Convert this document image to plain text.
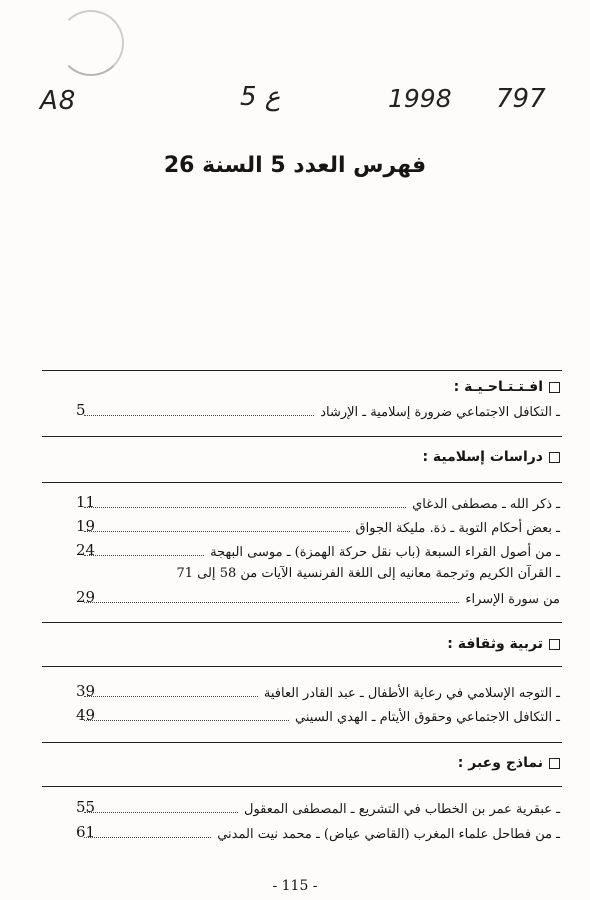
A8	ع 5	1998 797
فهرس العدد 5 السنة 26
افـتـتـاحـيـة :
ـ التكافل الاجتماعي ضرورة إسلامية ـ الإرشاد
5
دراسات إسلامية :
ـ ذكر الله ـ مصطفى الدغاي
11
ـ بعض أحكام التوبة ـ ذة. مليكة الجواق
19
ـ من أصول القراء السبعة (باب نقل حركة الهمزة) ـ موسى البهجة
24
ـ القرآن الكريم وترجمة معانيه إلى اللغة الفرنسية الآيات من 58 إلى 71
من سورة الإسراء
29
تربية وثقافة :
ـ التوجه الإسلامي في رعاية الأطفال ـ عبد القادر العافية
39
ـ التكافل الاجتماعي وحقوق الأيتام ـ الهدي السيني
49
نماذج وعبر :
ـ عبقرية عمر بن الخطاب في التشريع ـ المصطفى المعقول
55
ـ من فطاحل علماء المغرب (القاضي عياض) ـ محمد نيت المدني
61
- 115 -
